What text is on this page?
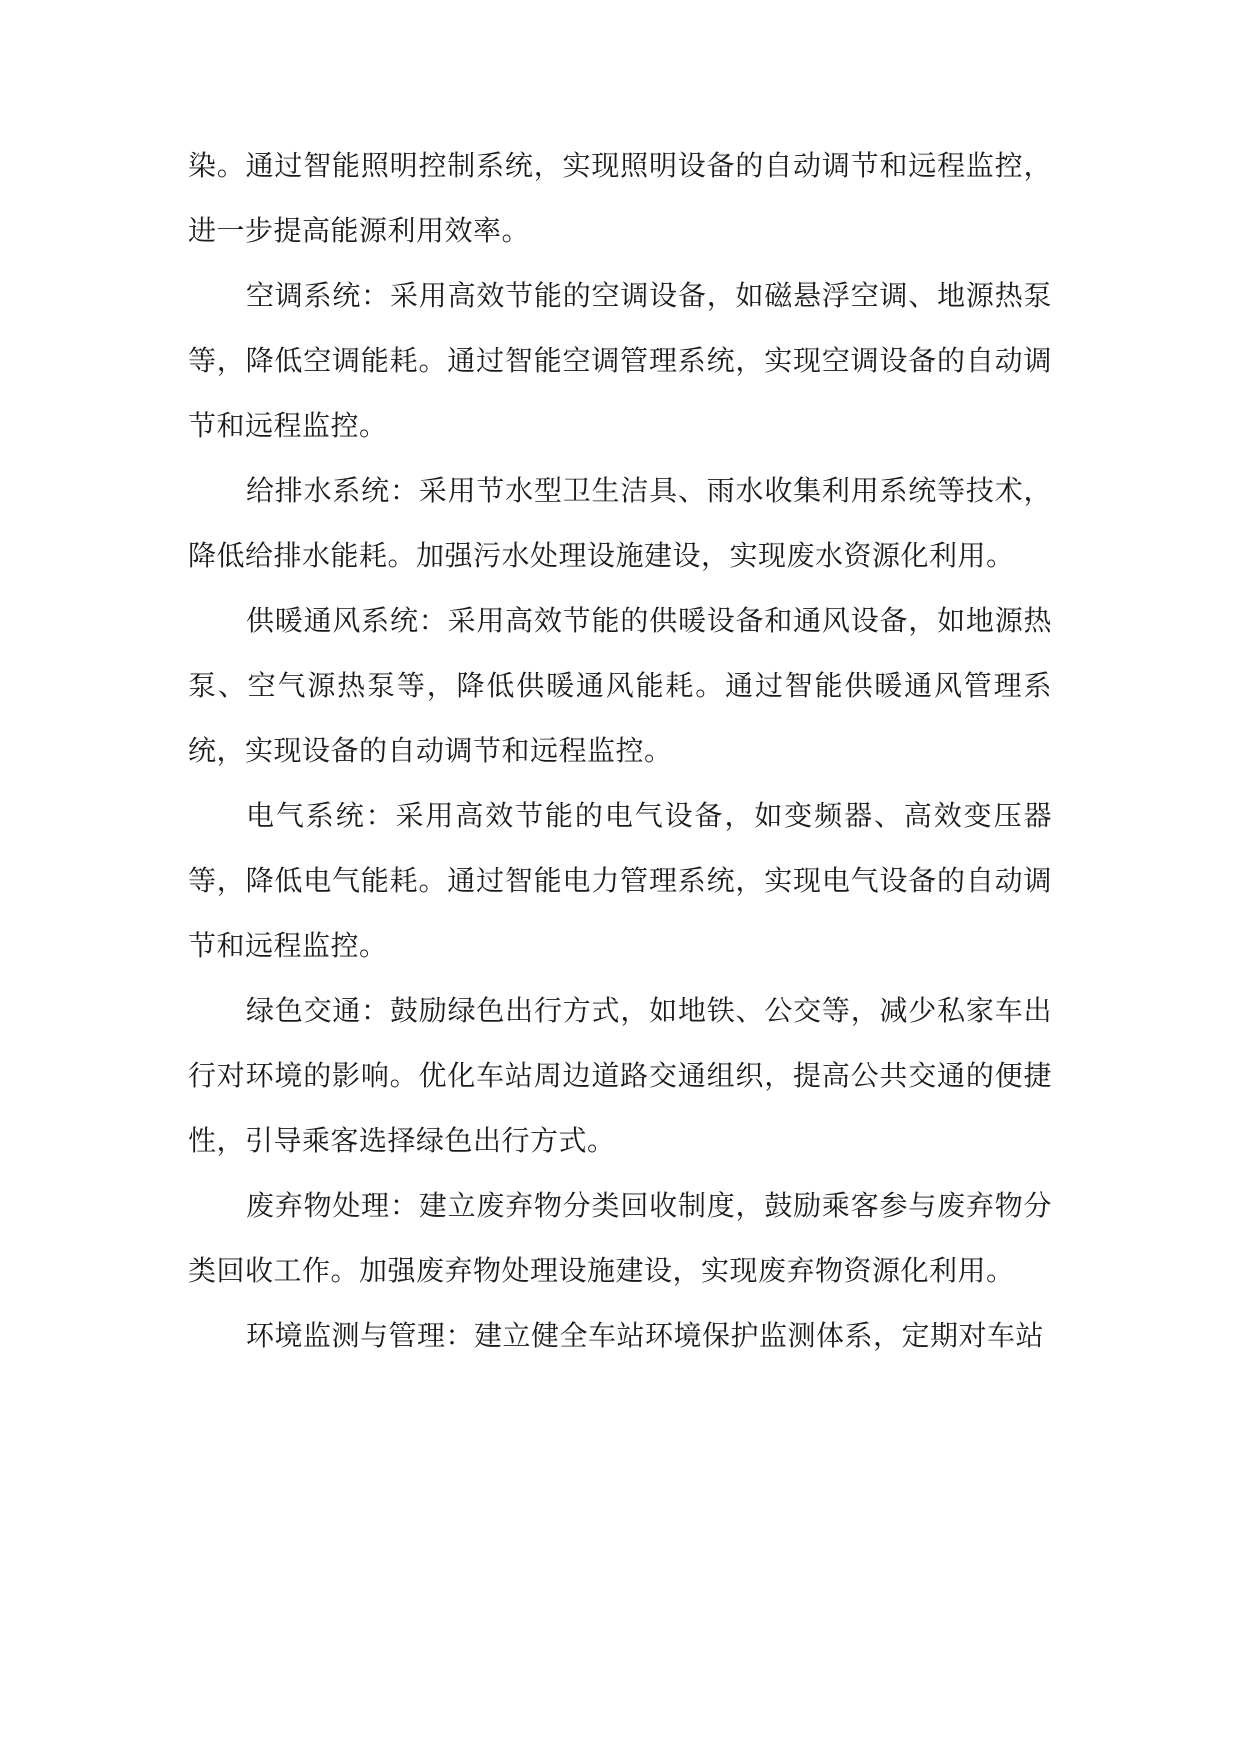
染。通过智能照明控制系统，实现照明设备的自动调节和远程监控，进一步提高能源利用效率。

空调系统：采用高效节能的空调设备，如磁悬浮空调、地源热泵等，降低空调能耗。通过智能空调管理系统，实现空调设备的自动调节和远程监控。

给排水系统：采用节水型卫生洁具、雨水收集利用系统等技术，降低给排水能耗。加强污水处理设施建设，实现废水资源化利用。

供暖通风系统：采用高效节能的供暖设备和通风设备，如地源热泵、空气源热泵等，降低供暖通风能耗。通过智能供暖通风管理系统，实现设备的自动调节和远程监控。

电气系统：采用高效节能的电气设备，如变频器、高效变压器等，降低电气能耗。通过智能电力管理系统，实现电气设备的自动调节和远程监控。

绿色交通：鼓励绿色出行方式，如地铁、公交等，减少私家车出行对环境的影响。优化车站周边道路交通组织，提高公共交通的便捷性，引导乘客选择绿色出行方式。

废弃物处理：建立废弃物分类回收制度，鼓励乘客参与废弃物分类回收工作。加强废弃物处理设施建设，实现废弃物资源化利用。

环境监测与管理：建立健全车站环境保护监测体系，定期对车站
